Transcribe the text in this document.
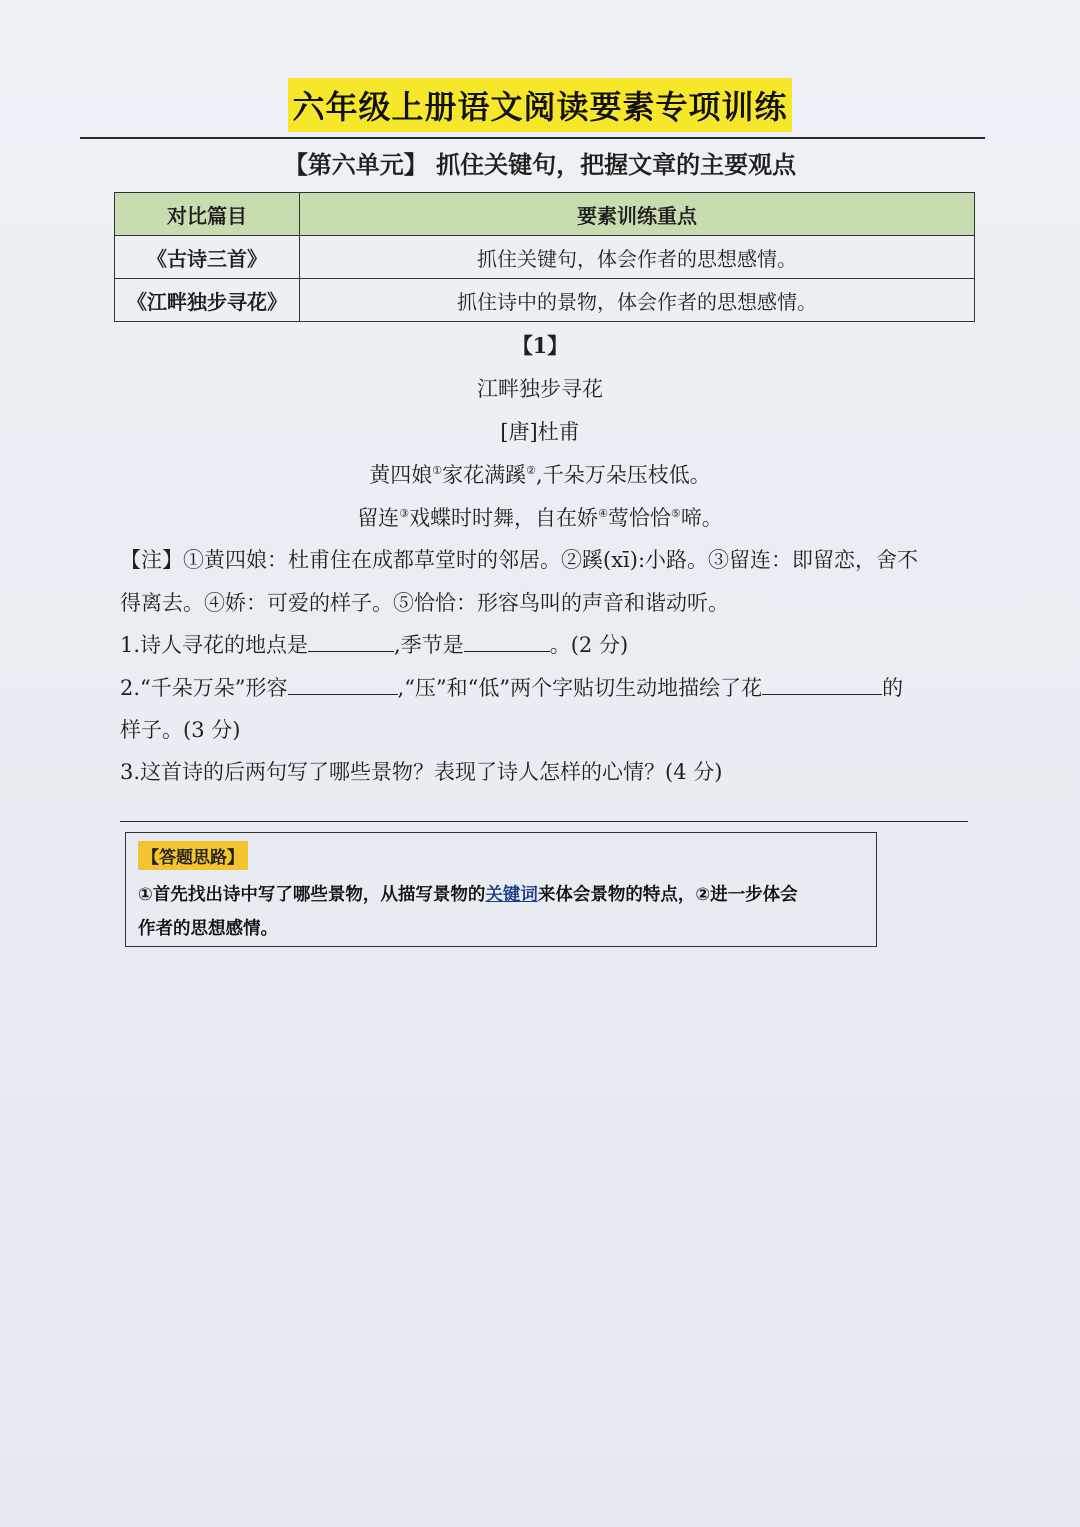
六年级上册语文阅读要素专项训练
【第六单元】 抓住关键句，把握文章的主要观点
对比篇目	要素训练重点
《古诗三首》	抓住关键句，体会作者的思想感情。
《江畔独步寻花》	抓住诗中的景物，体会作者的思想感情。
【1】
江畔独步寻花
[唐]杜甫
黄四娘①家花满蹊②,千朵万朵压枝低。
留连③戏蝶时时舞，自在娇④莺恰恰⑤啼。
【注】①黄四娘：杜甫住在成都草堂时的邻居。②蹊(xī):小路。③留连：即留恋，舍不
得离去。④娇：可爱的样子。⑤恰恰：形容鸟叫的声音和谐动听。
1.诗人寻花的地点是	,季节是	。(2 分)
2.“千朵万朵”形容	,“压”和“低”两个字贴切生动地描绘了花	的
样子。(3 分)
3.这首诗的后两句写了哪些景物？表现了诗人怎样的心情？(4 分)
【答题思路】
①首先找出诗中写了哪些景物，从描写景物的关键词来体会景物的特点，②进一步体会
作者的思想感情。
